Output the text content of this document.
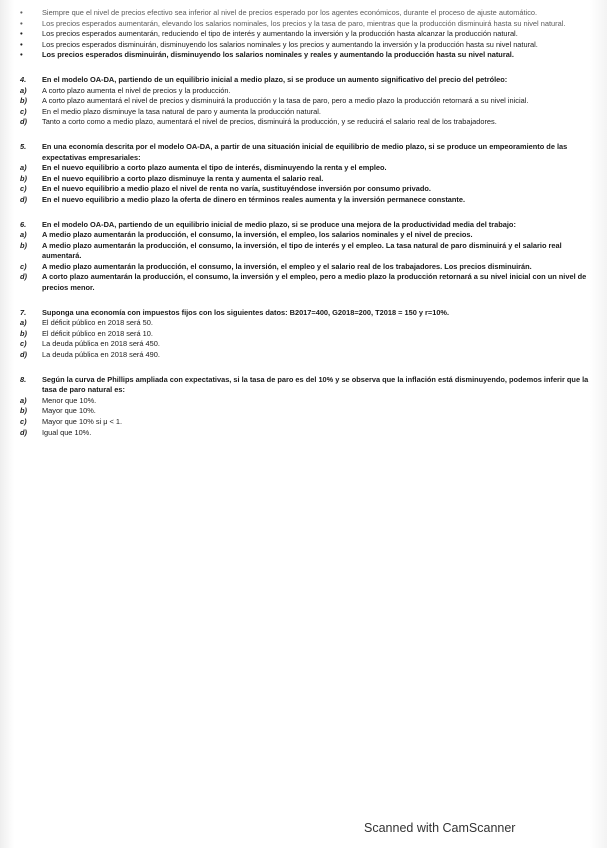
•	Siempre que el nivel de precios efectivo sea inferior al nivel de precios esperado por los agentes económicos, durante el proceso de ajuste automático.
•	Los precios esperados aumentarán, elevando los salarios nominales, los precios y la tasa de paro, mientras que la producción disminuirá hasta su nivel natural.
•	Los precios esperados aumentarán, reduciendo el tipo de interés y aumentando la inversión y la producción hasta alcanzar la producción natural.
•	Los precios esperados disminuirán, disminuyendo los salarios nominales y los precios y aumentando la inversión y la producción hasta su nivel natural.
•	Los precios esperados disminuirán, disminuyendo los salarios nominales y reales y aumentando la producción hasta su nivel natural.
4.	En el modelo OA-DA, partiendo de un equilibrio inicial a medio plazo, si se produce un aumento significativo del precio del petróleo:
a)	A corto plazo aumenta el nivel de precios y la producción.
b)	A corto plazo aumentará el nivel de precios y disminuirá la producción y la tasa de paro, pero a medio plazo la producción retornará a su nivel inicial.
c)	En el medio plazo disminuye la tasa natural de paro y aumenta la producción natural.
d)	Tanto a corto como a medio plazo, aumentará el nivel de precios, disminuirá la producción, y se reducirá el salario real de los trabajadores.
5.	En una economía descrita por el modelo OA-DA, a partir de una situación inicial de equilibrio de medio plazo, si se produce un empeoramiento de las expectativas empresariales:
a)	En el nuevo equilibrio a corto plazo aumenta el tipo de interés, disminuyendo la renta y el empleo.
b)	En el nuevo equilibrio a corto plazo disminuye la renta y aumenta el salario real.
c)	En el nuevo equilibrio a medio plazo el nivel de renta no varía, sustituyéndose inversión por consumo privado.
d)	En el nuevo equilibrio a medio plazo la oferta de dinero en términos reales aumenta y la inversión permanece constante.
6.	En el modelo OA-DA, partiendo de un equilibrio inicial de medio plazo, si se produce una mejora de la productividad media del trabajo:
a)	A medio plazo aumentarán la producción, el consumo, la inversión, el empleo, los salarios nominales y el nivel de precios.
b)	A medio plazo aumentarán la producción, el consumo, la inversión, el tipo de interés y el empleo. La tasa natural de paro disminuirá y el salario real aumentará.
c)	A medio plazo aumentarán la producción, el consumo, la inversión, el empleo y el salario real de los trabajadores. Los precios disminuirán.
d)	A corto plazo aumentarán la producción, el consumo, la inversión y el empleo, pero a medio plazo la producción retornará a su nivel inicial con un nivel de precios menor.
7.	Suponga una economía con impuestos fijos con los siguientes datos: B2017=400, G2018=200, T2018 = 150 y r=10%.
a)	El déficit público en 2018 será 50.
b)	El déficit público en 2018 será 10.
c)	La deuda pública en 2018 será 450.
d)	La deuda pública en 2018 será 490.
8.	Según la curva de Phillips ampliada con expectativas, si la tasa de paro es del 10% y se observa que la inflación está disminuyendo, podemos inferir que la tasa de paro natural es:
a)	Menor que 10%.
b)	Mayor que 10%.
c)	Mayor que 10% si μ < 1.
d)	Igual que 10%.
Scanned with CamScanner
